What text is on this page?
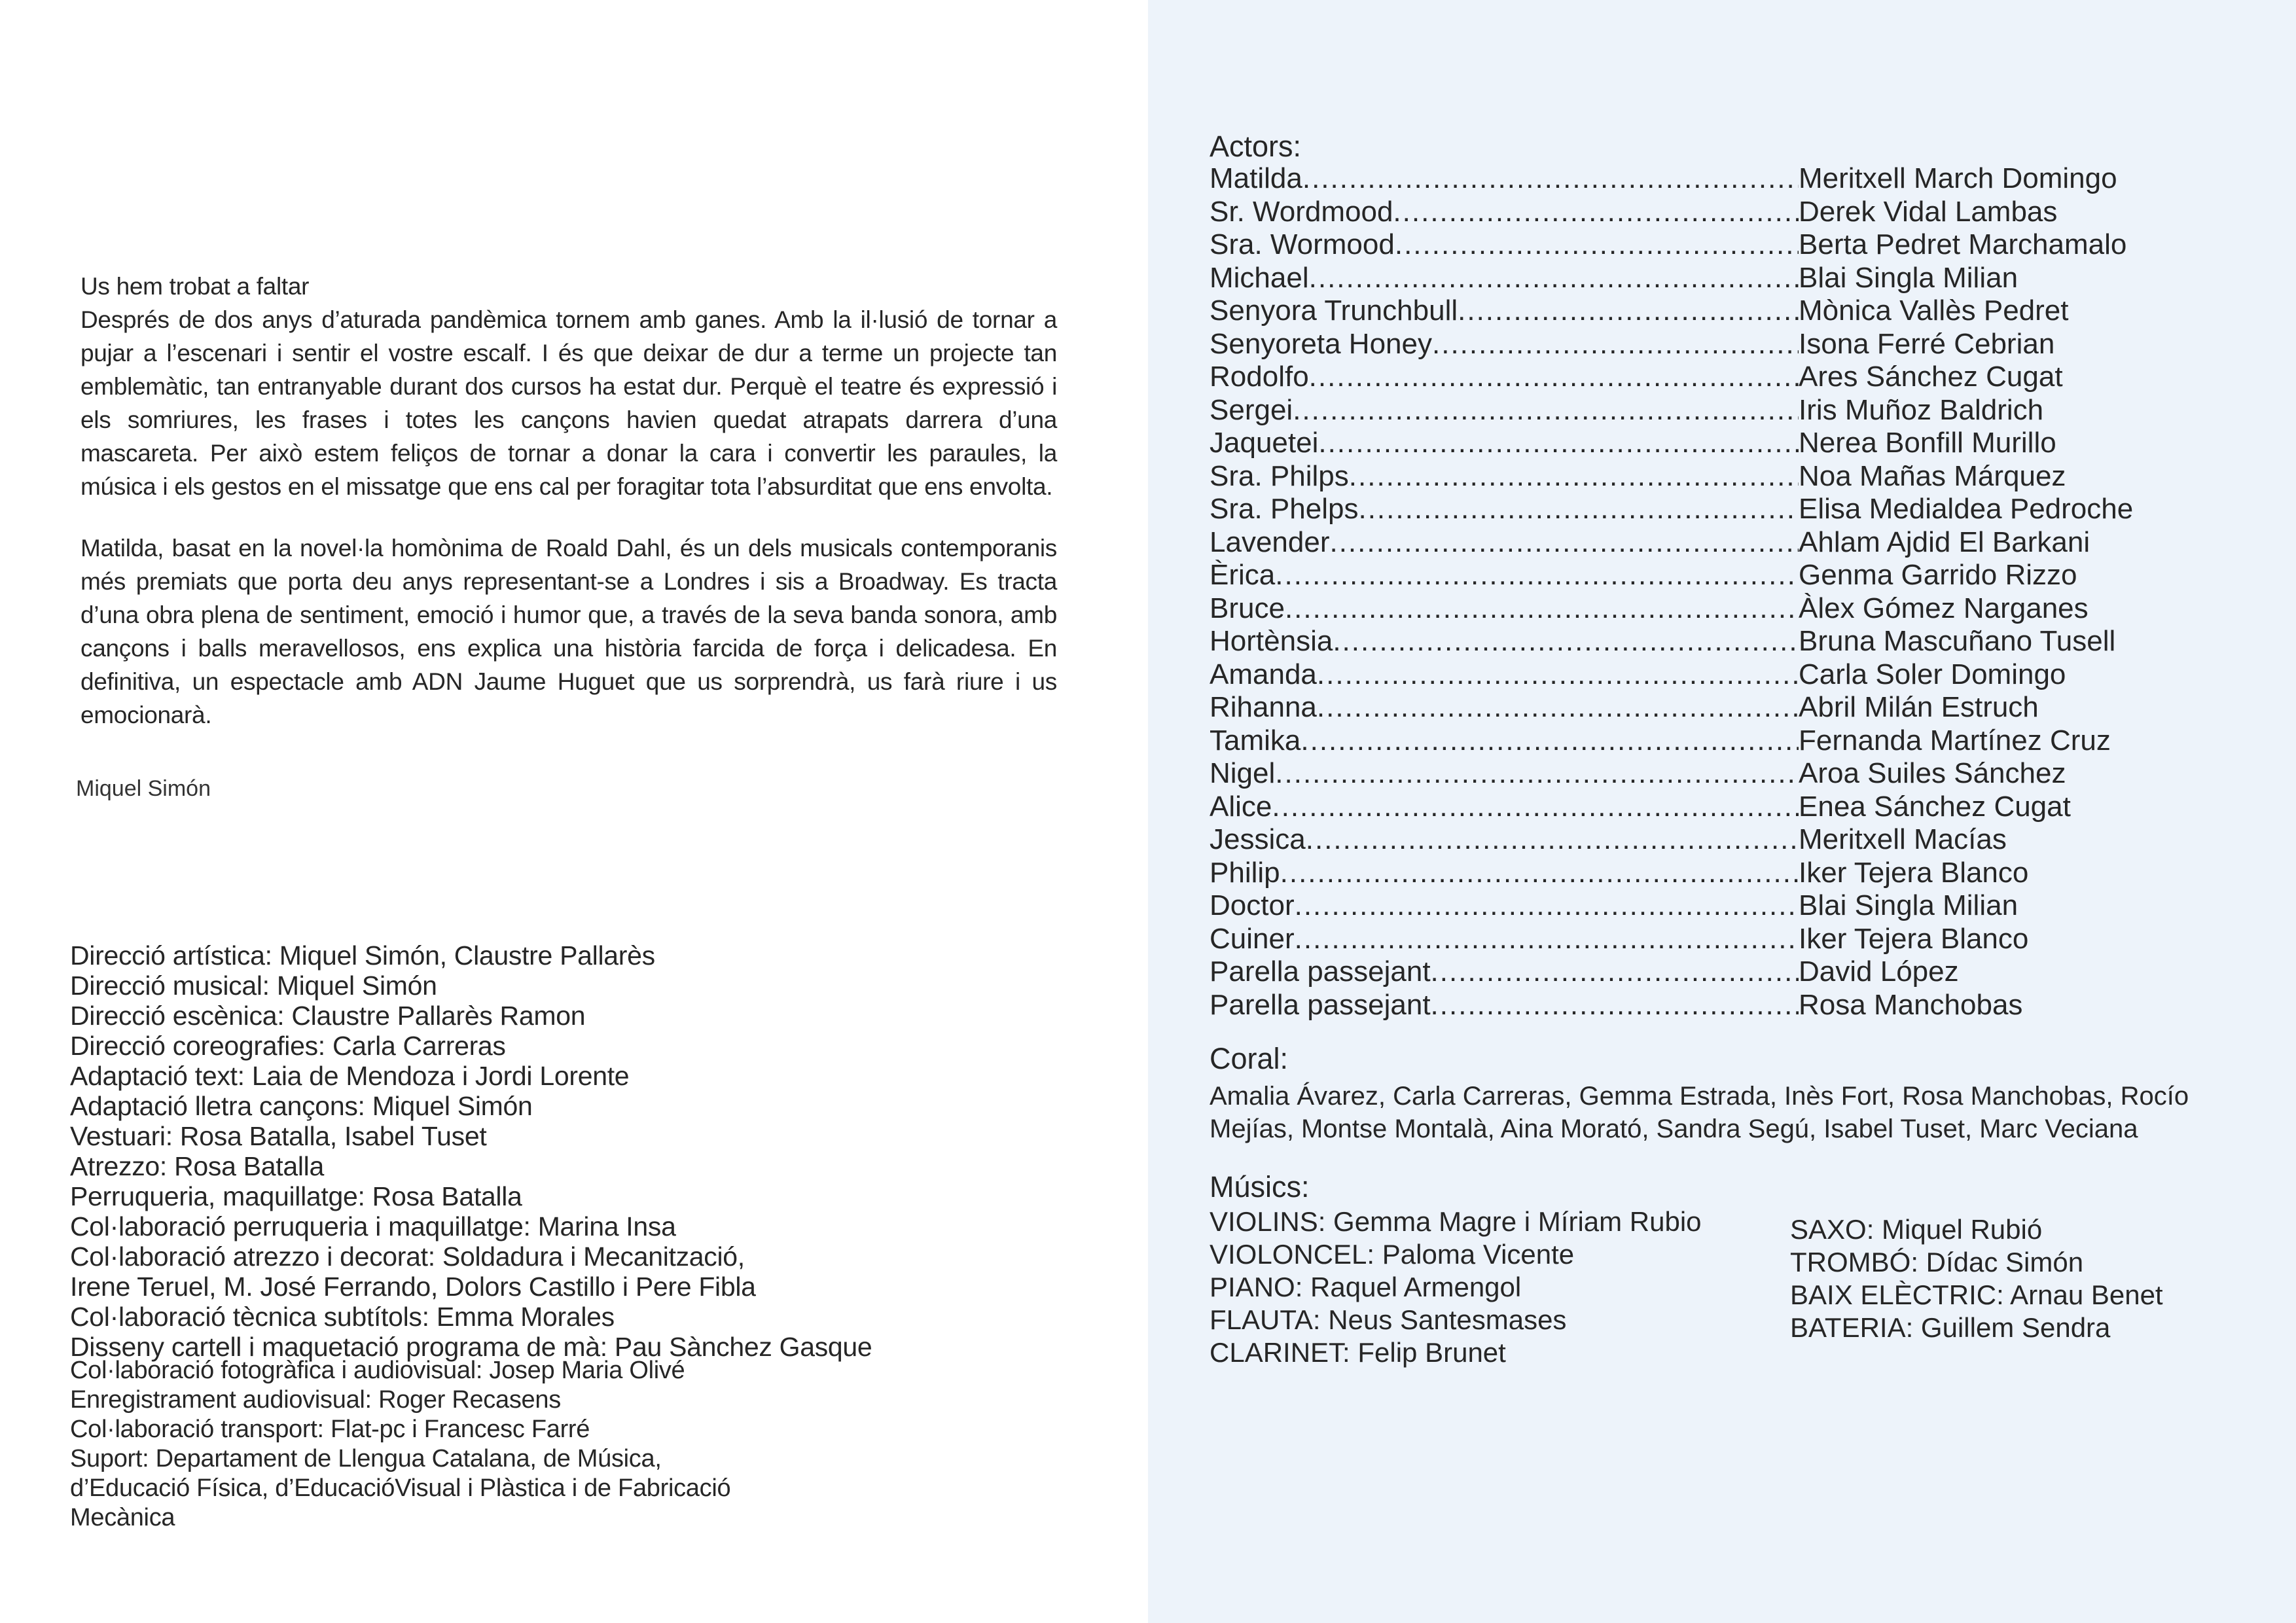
Us hem trobat a faltar

Després de dos anys d’aturada pandèmica tornem amb ganes. Amb la il·lusió de tornar a pujar a l’escenari i sentir el vostre escalf. I és que deixar de dur a terme un projecte tan emblemàtic, tan entranyable durant dos cursos ha estat dur. Perquè el teatre és expressió i els somriures, les frases i totes les cançons havien quedat atrapats darrera d’una mascareta. Per això estem feliços de tornar a donar la cara i convertir les paraules, la música i els gestos en el missatge que ens cal per foragitar tota l’absurditat que ens envolta.

Matilda, basat en la novel·la homònima de Roald Dahl, és un dels musicals contemporanis més premiats que porta deu anys representant-se a Londres i sis a Broadway. Es tracta d’una obra plena de sentiment, emoció i humor que, a través de la seva banda sonora, amb cançons i balls meravellosos, ens explica una història farcida de força i delicadesa. En definitiva, un espectacle amb ADN Jaume Huguet que us sorprendrà, us farà riure i us emocionarà.

Miquel Simón
Direcció artística: Miquel Simón, Claustre Pallarès
Direcció musical: Miquel Simón
Direcció escènica: Claustre Pallarès Ramon
Direcció coreografies: Carla Carreras
Adaptació text: Laia de Mendoza i Jordi Lorente
Adaptació lletra cançons: Miquel Simón
Vestuari: Rosa Batalla, Isabel Tuset
Atrezzo: Rosa Batalla
Perruqueria, maquillatge: Rosa Batalla
Col·laboració perruqueria i maquillatge: Marina Insa
Col·laboració atrezzo i decorat: Soldadura i Mecanització,
Irene Teruel, M. José Ferrando, Dolors Castillo i Pere Fibla
Col·laboració tècnica subtítols: Emma Morales
Disseny cartell i maquetació programa de mà: Pau Sànchez Gasque
Col·laboració fotogràfica i audiovisual: Josep Maria Olivé
Enregistrament audiovisual: Roger Recasens
Col·laboració transport: Flat-pc i Francesc Farré
Suport: Departament de Llengua Catalana, de Música,
d’Educació Física, d’EducacióVisual i Plàstica i de Fabricació
Mecànica
Actors:
Matilda .....	Meritxell March Domingo
Sr. Wordmood .....	Derek Vidal Lambas
Sra. Wormood .....	Berta Pedret Marchamalo
Michael .....	Blai Singla Milian
Senyora Trunchbull .....	Mònica Vallès Pedret
Senyoreta Honey .....	Isona Ferré Cebrian
Rodolfo .....	Ares Sánchez Cugat
Sergei .....	Iris Muñoz Baldrich
Jaquetei .....	Nerea Bonfill Murillo
Sra. Philps .....	Noa Mañas Márquez
Sra. Phelps .....	Elisa Medialdea Pedroche
Lavender .....	Ahlam Ajdid El Barkani
Èrica .....	Genma Garrido Rizzo
Bruce .....	Àlex Gómez Narganes
Hortènsia .....	Bruna Mascuñano Tusell
Amanda .....	Carla Soler Domingo
Rihanna .....	Abril Milán Estruch
Tamika .....	Fernanda Martínez Cruz
Nigel .....	Aroa Suiles Sánchez
Alice .....	Enea Sánchez Cugat
Jessica .....	Meritxell Macías
Philip .....	Iker Tejera Blanco
Doctor .....	Blai Singla Milian
Cuiner .....	Iker Tejera Blanco
Parella passejant .....	David López
Parella passejant .....	Rosa Manchobas
Coral:
Amalia Ávarez, Carla Carreras, Gemma Estrada, Inès Fort, Rosa Manchobas, Rocío
Mejías, Montse Montalà, Aina Morató, Sandra Segú, Isabel Tuset, Marc Veciana
Músics:
VIOLINS: Gemma Magre i Míriam Rubio
VIOLONCEL: Paloma Vicente
PIANO: Raquel Armengol
FLAUTA: Neus Santesmases
CLARINET: Felip Brunet
SAXO: Miquel Rubió
TROMBÓ: Dídac Simón
BAIX ELÈCTRIC: Arnau Benet
BATERIA: Guillem Sendra
